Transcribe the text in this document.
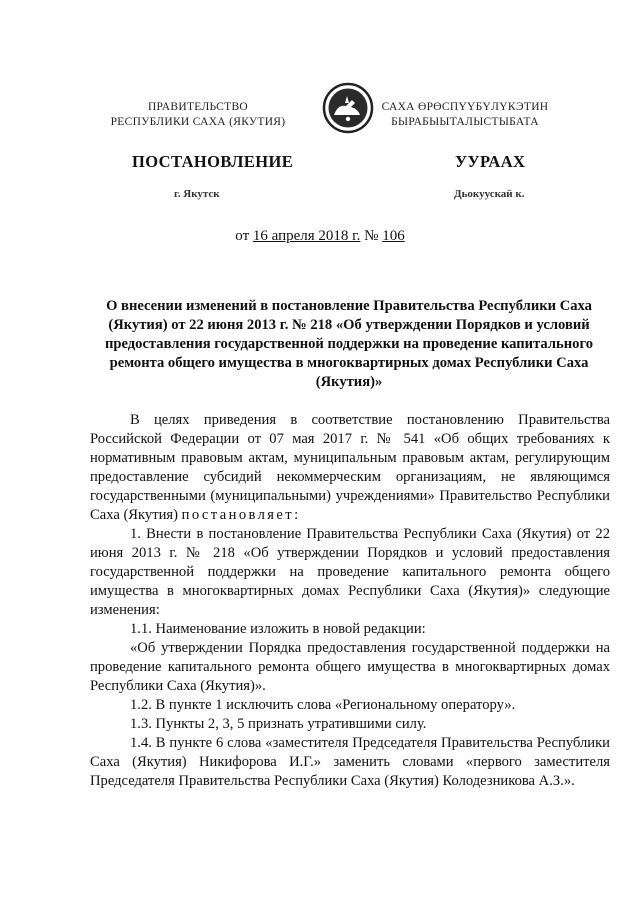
ПРАВИТЕЛЬСТВО
РЕСПУБЛИКИ САХА (ЯКУТИЯ)
САХА ӨРӨСПҮҮБҮЛҮКЭТИН
БЫРАБЫЫТАЛЫСТЫБАТА
ПОСТАНОВЛЕНИЕ	УУРААХ
г. Якутск	Дьокуускай к.
от 16 апреля 2018 г. № 106
О внесении изменений в постановление Правительства Республики Саха (Якутия) от 22 июня 2013 г. № 218 «Об утверждении Порядков и условий предоставления государственной поддержки на проведение капитального ремонта общего имущества в многоквартирных домах Республики Саха (Якутия)»

В целях приведения в соответствие постановлению Правительства Российской Федерации от 07 мая 2017 г. № 541 «Об общих требованиях к нормативным правовым актам, муниципальным правовым актам, регулирующим предоставление субсидий некоммерческим организациям, не являющимся государственными (муниципальными) учреждениями» Правительство Республики Саха (Якутия) постановляет:

1. Внести в постановление Правительства Республики Саха (Якутия) от 22 июня 2013 г. № 218 «Об утверждении Порядков и условий предоставления государственной поддержки на проведение капитального ремонта общего имущества в многоквартирных домах Республики Саха (Якутия)» следующие изменения:

1.1. Наименование изложить в новой редакции:

«Об утверждении Порядка предоставления государственной поддержки на проведение капитального ремонта общего имущества в многоквартирных домах Республики Саха (Якутия)».

1.2. В пункте 1 исключить слова «Региональному оператору».

1.3. Пункты 2, 3, 5 признать утратившими силу.

1.4. В пункте 6 слова «заместителя Председателя Правительства Республики Саха (Якутия) Никифорова И.Г.» заменить словами «первого заместителя Председателя Правительства Республики Саха (Якутия) Колодезникова А.З.».
